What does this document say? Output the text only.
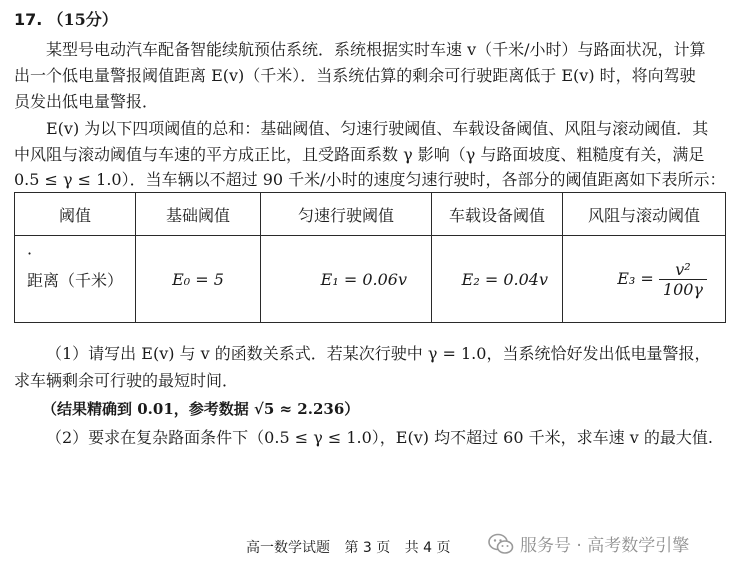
17. （15分）
某型号电动汽车配备智能续航预估系统．系统根据实时车速 v（千米/小时）与路面状况，计算
出一个低电量警报阈值距离 E(v)（千米）．当系统估算的剩余可行驶距离低于 E(v) 时，将向驾驶
员发出低电量警报．
E(v) 为以下四项阈值的总和：基础阈值、匀速行驶阈值、车载设备阈值、风阻与滚动阈值．其
中风阻与滚动阈值与车速的平方成正比，且受路面系数 γ 影响（γ 与路面坡度、粗糙度有关，满足
0.5 ≤ γ ≤ 1.0）．当车辆以不超过 90 千米/小时的速度匀速行驶时，各部分的阈值距离如下表所示：
阈值	基础阈值	匀速行驶阈值	车载设备阈值	风阻与滚动阈值

·
距离（千米）	E₀ = 5	E₁ = 0.06v	E₂ = 0.04v	$E_3 = \frac{\text{v²}}{100\gamma}$
（1）请写出 E(v) 与 v 的函数关系式．若某次行驶中 γ = 1.0，当系统恰好发出低电量警报，
求车辆剩余可行驶的最短时间．
（结果精确到 0.01，参考数据 √5 ≈ 2.236）
（2）要求在复杂路面条件下（0.5 ≤ γ ≤ 1.0），E(v) 均不超过 60 千米，求车速 v 的最大值.
高一数学试题 第 3 页 共 4 页	服务号 · 高考数学引擎
